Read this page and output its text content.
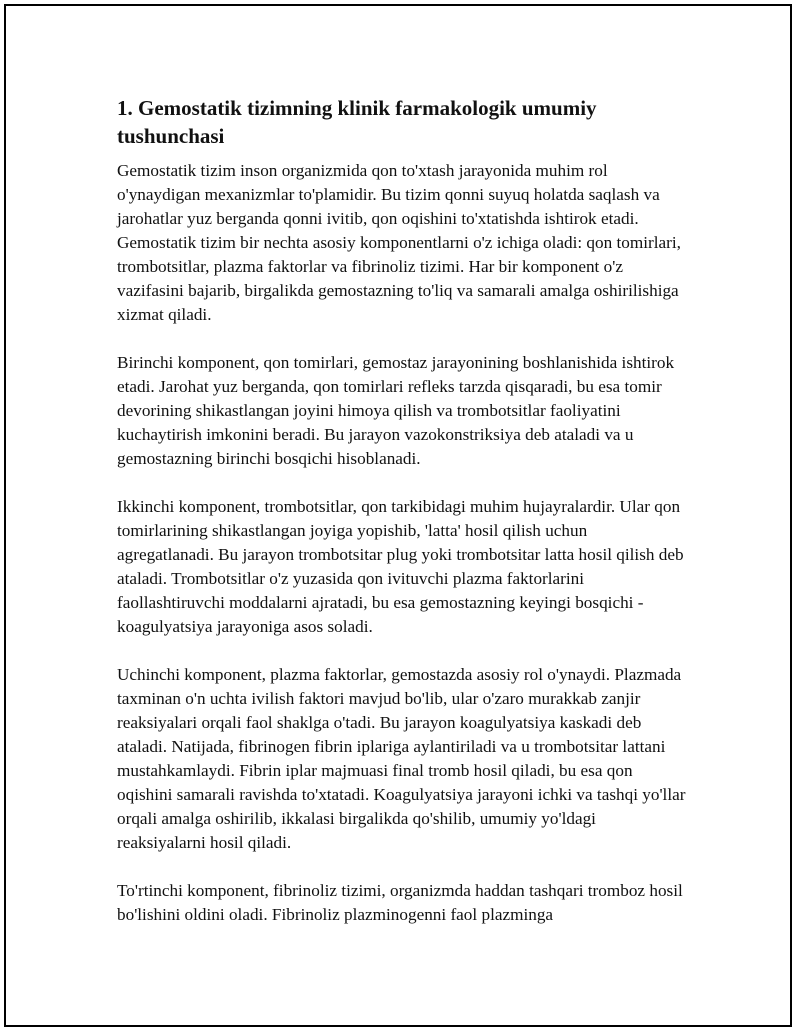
1. Gemostatik tizimning klinik farmakologik umumiy tushunchasi

Gemostatik tizim inson organizmida qon to'xtash jarayonida muhim rol o'ynaydigan mexanizmlar to'plamidir. Bu tizim qonni suyuq holatda saqlash va jarohatlar yuz berganda qonni ivitib, qon oqishini to'xtatishda ishtirok etadi. Gemostatik tizim bir nechta asosiy komponentlarni o'z ichiga oladi: qon tomirlari, trombotsitlar, plazma faktorlar va fibrinoliz tizimi. Har bir komponent o'z vazifasini bajarib, birgalikda gemostazning to'liq va samarali amalga oshirilishiga xizmat qiladi.

Birinchi komponent, qon tomirlari, gemostaz jarayonining boshlanishida ishtirok etadi. Jarohat yuz berganda, qon tomirlari refleks tarzda qisqaradi, bu esa tomir devorining shikastlangan joyini himoya qilish va trombotsitlar faoliyatini kuchaytirish imkonini beradi. Bu jarayon vazokonstriksiya deb ataladi va u gemostazning birinchi bosqichi hisoblanadi.

Ikkinchi komponent, trombotsitlar, qon tarkibidagi muhim hujayralardir. Ular qon tomirlarining shikastlangan joyiga yopishib, 'latta' hosil qilish uchun agregatlanadi. Bu jarayon trombotsitar plug yoki trombotsitar latta hosil qilish deb ataladi. Trombotsitlar o'z yuzasida qon ivituvchi plazma faktorlarini faollashtiruvchi moddalarni ajratadi, bu esa gemostazning keyingi bosqichi - koagulyatsiya jarayoniga asos soladi.

Uchinchi komponent, plazma faktorlar, gemostazda asosiy rol o'ynaydi. Plazmada taxminan o'n uchta ivilish faktori mavjud bo'lib, ular o'zaro murakkab zanjir reaksiyalari orqali faol shaklga o'tadi. Bu jarayon koagulyatsiya kaskadi deb ataladi. Natijada, fibrinogen fibrin iplariga aylantiriladi va u trombotsitar lattani mustahkamlaydi. Fibrin iplar majmuasi final tromb hosil qiladi, bu esa qon oqishini samarali ravishda to'xtatadi. Koagulyatsiya jarayoni ichki va tashqi yo'llar orqali amalga oshirilib, ikkalasi birgalikda qo'shilib, umumiy yo'ldagi reaksiyalarni hosil qiladi.

To'rtinchi komponent, fibrinoliz tizimi, organizmda haddan tashqari tromboz hosil bo'lishini oldini oladi. Fibrinoliz plazminogenni faol plazminga
